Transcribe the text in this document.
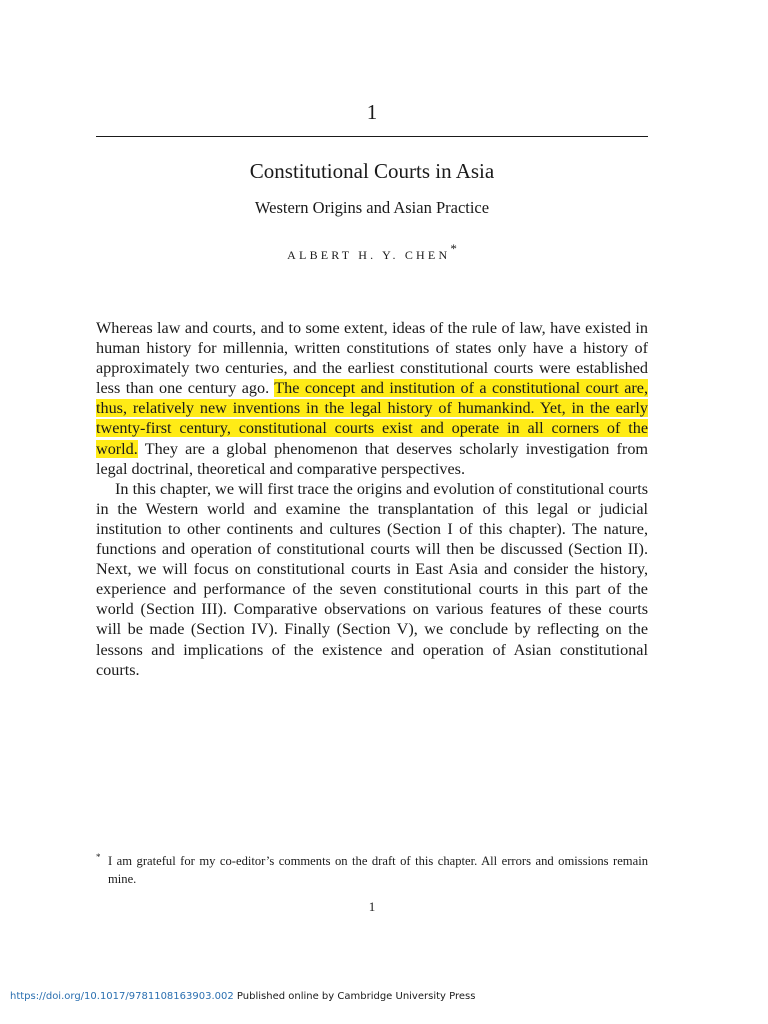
1
Constitutional Courts in Asia
Western Origins and Asian Practice
ALBERT H. Y. CHEN*

Whereas law and courts, and to some extent, ideas of the rule of law, have existed in human history for millennia, written constitutions of states only have a history of approximately two centuries, and the earliest constitutional courts were established less than one century ago. The concept and institution of a constitutional court are, thus, relatively new inventions in the legal history of humankind. Yet, in the early twenty-first century, constitutional courts exist and operate in all corners of the world. They are a global phenomenon that deserves scholarly investigation from legal doctrinal, theoretical and comparative perspectives.

In this chapter, we will first trace the origins and evolution of constitutional courts in the Western world and examine the transplantation of this legal or judicial institution to other continents and cultures (Section I of this chapter). The nature, functions and operation of constitutional courts will then be discussed (Section II). Next, we will focus on constitutional courts in East Asia and consider the history, experience and performance of the seven constitutional courts in this part of the world (Section III). Comparative observations on various features of these courts will be made (Section IV). Finally (Section V), we conclude by reflecting on the lessons and implications of the existence and operation of Asian constitutional courts.

* I am grateful for my co-editor’s comments on the draft of this chapter. All errors and omissions remain mine.
1
https://doi.org/10.1017/9781108163903.002 Published online by Cambridge University Press
